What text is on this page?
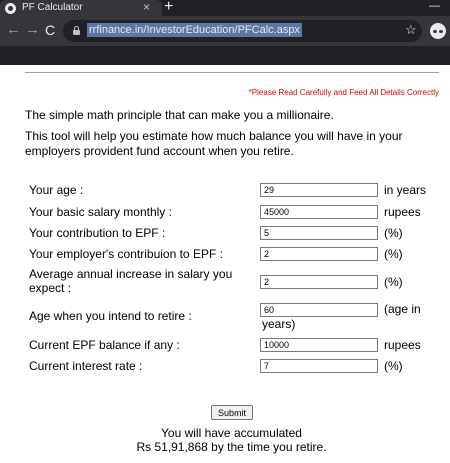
PF Calculator	× +	—
← → C	rrfinance.in/InvestorEducation/PFCalc.aspx	☆
*Please Read Carefully and Feed All Details Correctly
The simple math principle that can make you a millionaire.
This tool will help you estimate how much balance you will have in your employers provident fund account when you retire.
Your age :
29	in years
Your basic salary monthly :
45000	rupees
Your contribution to EPF :
5	(%)
Your employer's contribuion to EPF :
2	(%)
Average annual increase in salary you
expect :
2	(%)
Age when you intend to retire :
60	(age in
years)
Current EPF balance if any :
10000	rupees
Current interest rate :
7	(%)
Submit
You will have accumulated
Rs 51,91,868 by the time you retire.
